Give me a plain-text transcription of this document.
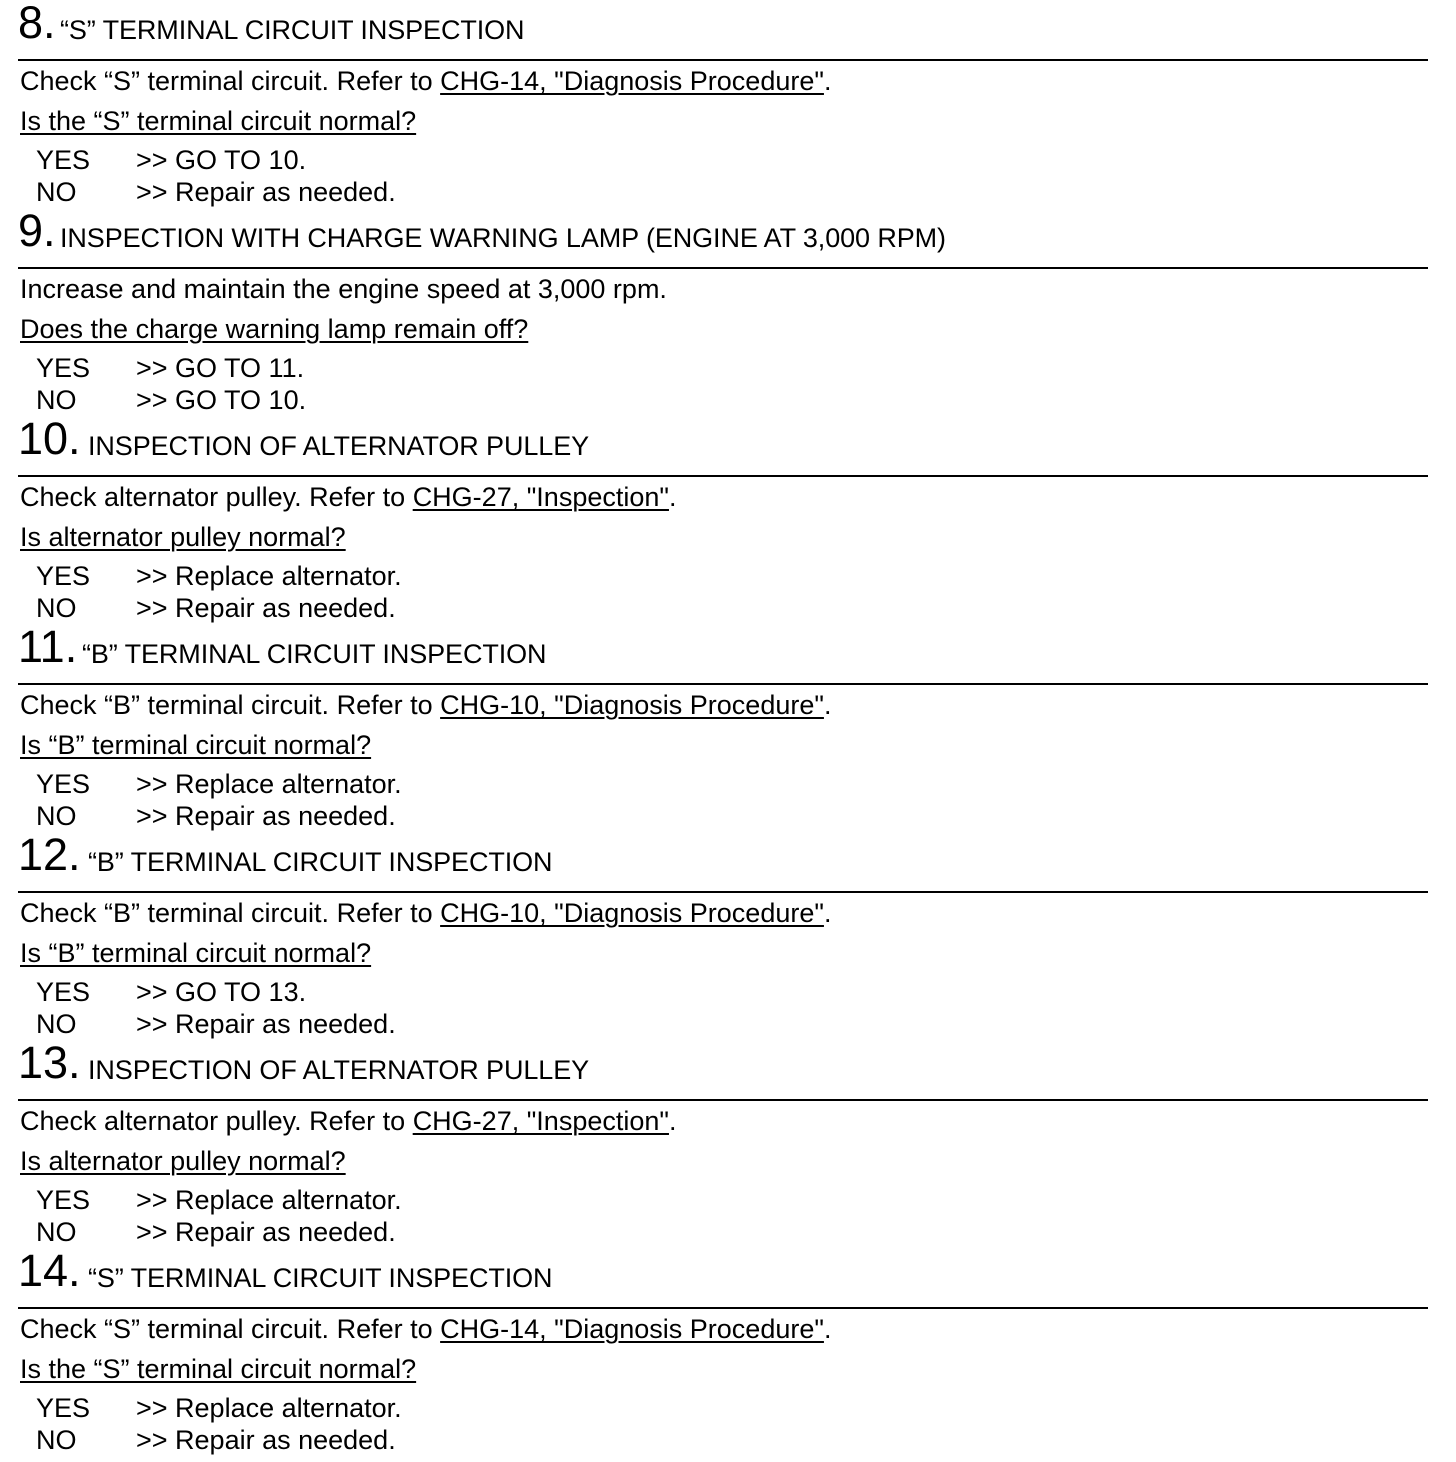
8. “S” TERMINAL CIRCUIT INSPECTION
Check “S” terminal circuit. Refer to CHG-14, "Diagnosis Procedure".
Is the “S” terminal circuit normal?
YES >> GO TO 10.
NO >> Repair as needed.
9. INSPECTION WITH CHARGE WARNING LAMP (ENGINE AT 3,000 RPM)
Increase and maintain the engine speed at 3,000 rpm.
Does the charge warning lamp remain off?
YES >> GO TO 11.
NO >> GO TO 10.
10. INSPECTION OF ALTERNATOR PULLEY
Check alternator pulley. Refer to CHG-27, "Inspection".
Is alternator pulley normal?
YES >> Replace alternator.
NO >> Repair as needed.
11. “B” TERMINAL CIRCUIT INSPECTION
Check “B” terminal circuit. Refer to CHG-10, "Diagnosis Procedure".
Is “B” terminal circuit normal?
YES >> Replace alternator.
NO >> Repair as needed.
12. “B” TERMINAL CIRCUIT INSPECTION
Check “B” terminal circuit. Refer to CHG-10, "Diagnosis Procedure".
Is “B” terminal circuit normal?
YES >> GO TO 13.
NO >> Repair as needed.
13. INSPECTION OF ALTERNATOR PULLEY
Check alternator pulley. Refer to CHG-27, "Inspection".
Is alternator pulley normal?
YES >> Replace alternator.
NO >> Repair as needed.
14. “S” TERMINAL CIRCUIT INSPECTION
Check “S” terminal circuit. Refer to CHG-14, "Diagnosis Procedure".
Is the “S” terminal circuit normal?
YES >> Replace alternator.
NO >> Repair as needed.
